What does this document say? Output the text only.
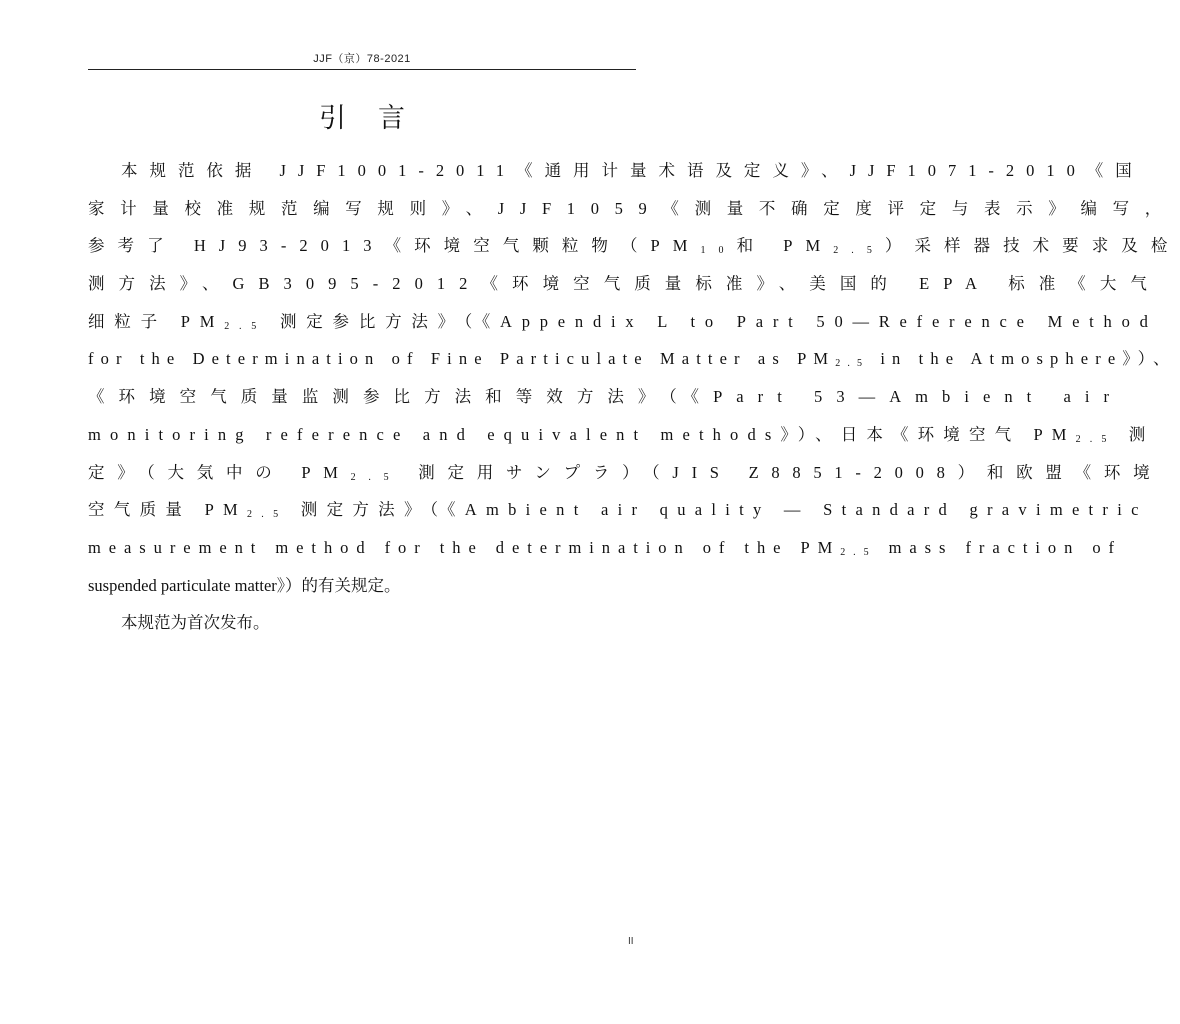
JJF（京）78-2021
引言
本规范依据 JJF1001-2011《通用计量术语及定义》、JJF1071-2010《国
家计量校准规范编写规则》、JJF1059《测量不确定度评定与表示》编写，
参考了 HJ93-2013《环境空气颗粒物（$PM_{10}$和 $PM_{2.5}$）采样器技术要求及检
测方法》、GB3095-2012《环境空气质量标准》、美国的 EPA 标准《大气
细粒子 $PM_{2.5}$ 测定参比方法》（《Appendix L to Part 50—Reference Method
for the Determination of Fine Particulate Matter as $PM_{2.5}$ in the Atmosphere》）、
《环境空气质量监测参比方法和等效方法》（《Part 53—Ambient air
monitoring reference and equivalent methods》）、日本《环境空气 $PM_{2.5}$ 测
定》（大気中の $PM_{2.5}$ 測定用サンプラ）（JIS Z8851-2008）和欧盟《环境
空气质量 $PM_{2.5}$ 测定方法》（《Ambient air quality — Standard gravimetric
measurement method for the determination of the $PM_{2.5}$ mass fraction of
suspended particulate matter》）的有关规定。
本规范为首次发布。
II
